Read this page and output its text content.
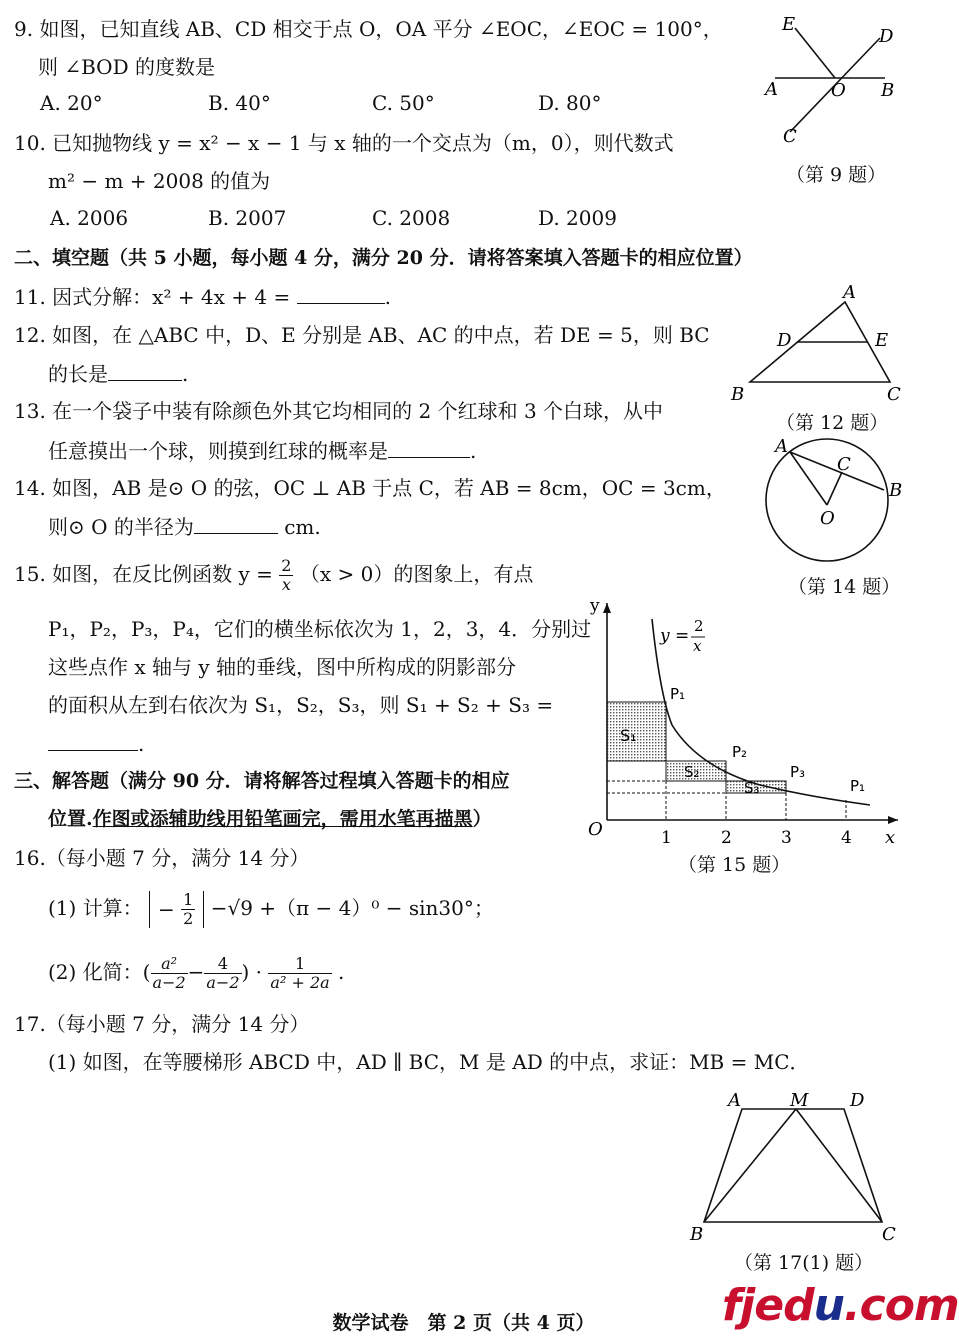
9. 如图，已知直线 AB、CD 相交于点 O，OA 平分 ∠EOC，∠EOC = 100°，
则 ∠BOD 的度数是
A. 20°	B. 40°	C. 50°	D. 80°
E
D
A	O B
C
（第 9 题）
10. 已知抛物线 y = x² − x − 1 与 x 轴的一个交点为（m，0），则代数式
m² − m + 2008 的值为
A. 2006	B. 2007	C. 2008	D. 2009
二、填空题（共 5 小题，每小题 4 分，满分 20 分．请将答案填入答题卡的相应位置）
11. 因式分解：x² + 4x + 4 =	.
12. 如图，在 △ABC 中，D、E 分别是 AB、AC 的中点，若 DE = 5，则 BC
的长是	.
A
D	E
B	C
（第 12 题）
13. 在一个袋子中装有除颜色外其它均相同的 2 个红球和 3 个白球，从中
任意摸出一个球，则摸到红球的概率是	.
14. 如图，AB 是⊙ O 的弦，OC ⊥ AB 于点 C，若 AB = 8cm，OC = 3cm，
则⊙ O 的半径为	cm.
A
C
B
O
（第 14 题）
15. 如图，在反比例函数 $y = \frac{2}{x} (x > 0)$的图象上，有点
P₁，P₂，P₃，P₄，它们的横坐标依次为 1，2，3，4．分别过
这些点作 x 轴与 y 轴的垂线，图中所构成的阴影部分
的面积从左到右依次为 S₁，S₂，S₃，则 S₁ + S₂ + S₃ =
.
y
x
O
y = 2
x
1	2	3	4
P₁
P₂
P₃
P₁
S₁
S₂
S₃
（第 15 题）
三、解答题（满分 90 分．请将解答过程填入答题卡的相应
位置.作图或添辅助线用铅笔画完，需用水笔再描黑）
16.（每小题 7 分，满分 14 分）
(1) 计算： − $\frac{1}{2} -√9 +(\pi - 4)^0 - \sin 30^\circ$；
(2) 化简：( $\frac{\text{a²}}{a-2} - \frac{4}{a-2}$ ) · $\frac{1}{\text{a² + 2a}}$ .
17.（每小题 7 分，满分 14 分）
(1) 如图，在等腰梯形 ABCD 中，AD ∥ BC，M 是 AD 的中点，求证：MB = MC．
A	M D
B	C
（第 17(1) 题）
数学试卷　第 2 页（共 4 页）	fjedu.com
